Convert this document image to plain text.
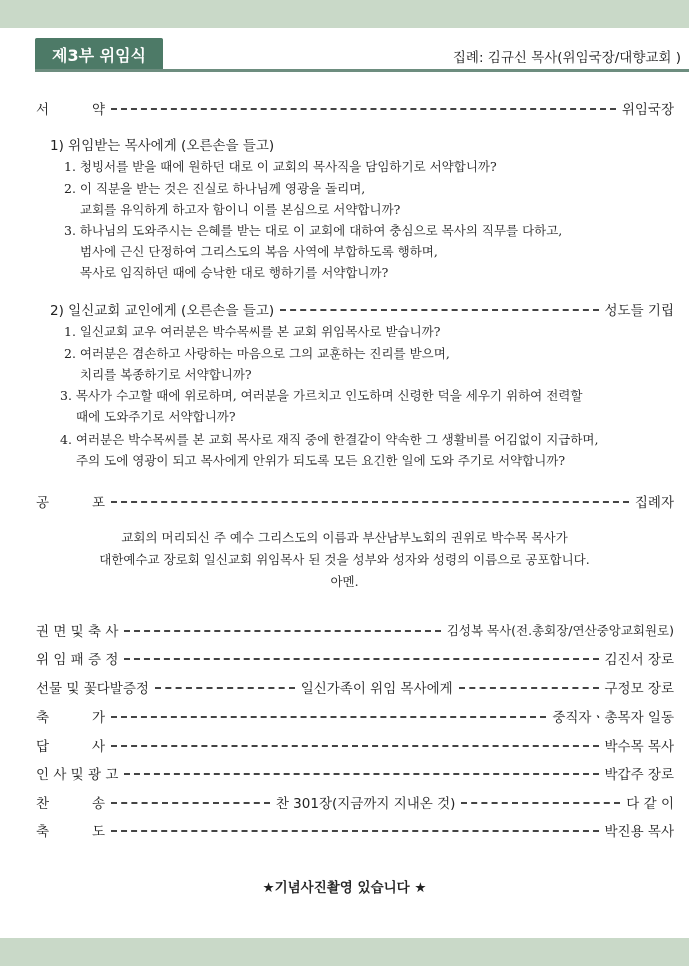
제3부 위임식	집례: 김규신 목사(위임국장/대향교회 )
서          약	위임국장
1) 위임받는 목사에게 (오른손을 들고)
1. 청빙서를 받을 때에 원하던 대로 이 교회의 목사직을 담임하기로 서약합니까?
2. 이 직분을 받는 것은 진실로 하나님께 영광을 돌리며,
교회를 유익하게 하고자 함이니 이를 본심으로 서약합니까?
3. 하나님의 도와주시는 은혜를 받는 대로 이 교회에 대하여 충심으로 목사의 직무를 다하고,
범사에 근신 단정하여 그리스도의 복음 사역에 부합하도록 행하며,
목사로 임직하던 때에 승낙한 대로 행하기를 서약합니까?
2) 일신교회 교인에게 (오른손을 들고)	성도들 기립
1. 일신교회 교우 여러분은 박수목씨를 본 교회 위임목사로 받습니까?
2. 여러분은 겸손하고 사랑하는 마음으로 그의 교훈하는 진리를 받으며,
치리를 복종하기로 서약합니까?
3. 목사가 수고할 때에 위로하며, 여러분을 가르치고 인도하며 신령한 덕을 세우기 위하여 전력할
때에 도와주기로 서약합니까?
4. 여러분은 박수목씨를 본 교회 목사로 재직 중에 한결같이 약속한 그 생활비를 어김없이 지급하며,
주의 도에 영광이 되고 목사에게 안위가 되도록 모든 요긴한 일에 도와 주기로 서약합니까?
공          포	집례자
교회의 머리되신 주 예수 그리스도의 이름과 부산남부노회의 권위로 박수목 목사가
대한예수교 장로회 일신교회 위임목사 된 것을 성부와 성자와 성령의 이름으로 공포합니다.
아멘.
권 면 및 축 사	김성복 목사(전.총회장/연산중앙교회원로)
위 임 패 증 정	김진서 장로
선물 및 꽃다발증정	일신가족이 위임 목사에게	구정모 장로
축          가	중직자ㆍ총목자 일동
답          사	박수목 목사
인 사 및 광 고	박갑주 장로
찬          송	찬 301장(지금까지 지내온 것)	다 같 이
축          도	박진용 목사
★기념사진촬영 있습니다 ★
